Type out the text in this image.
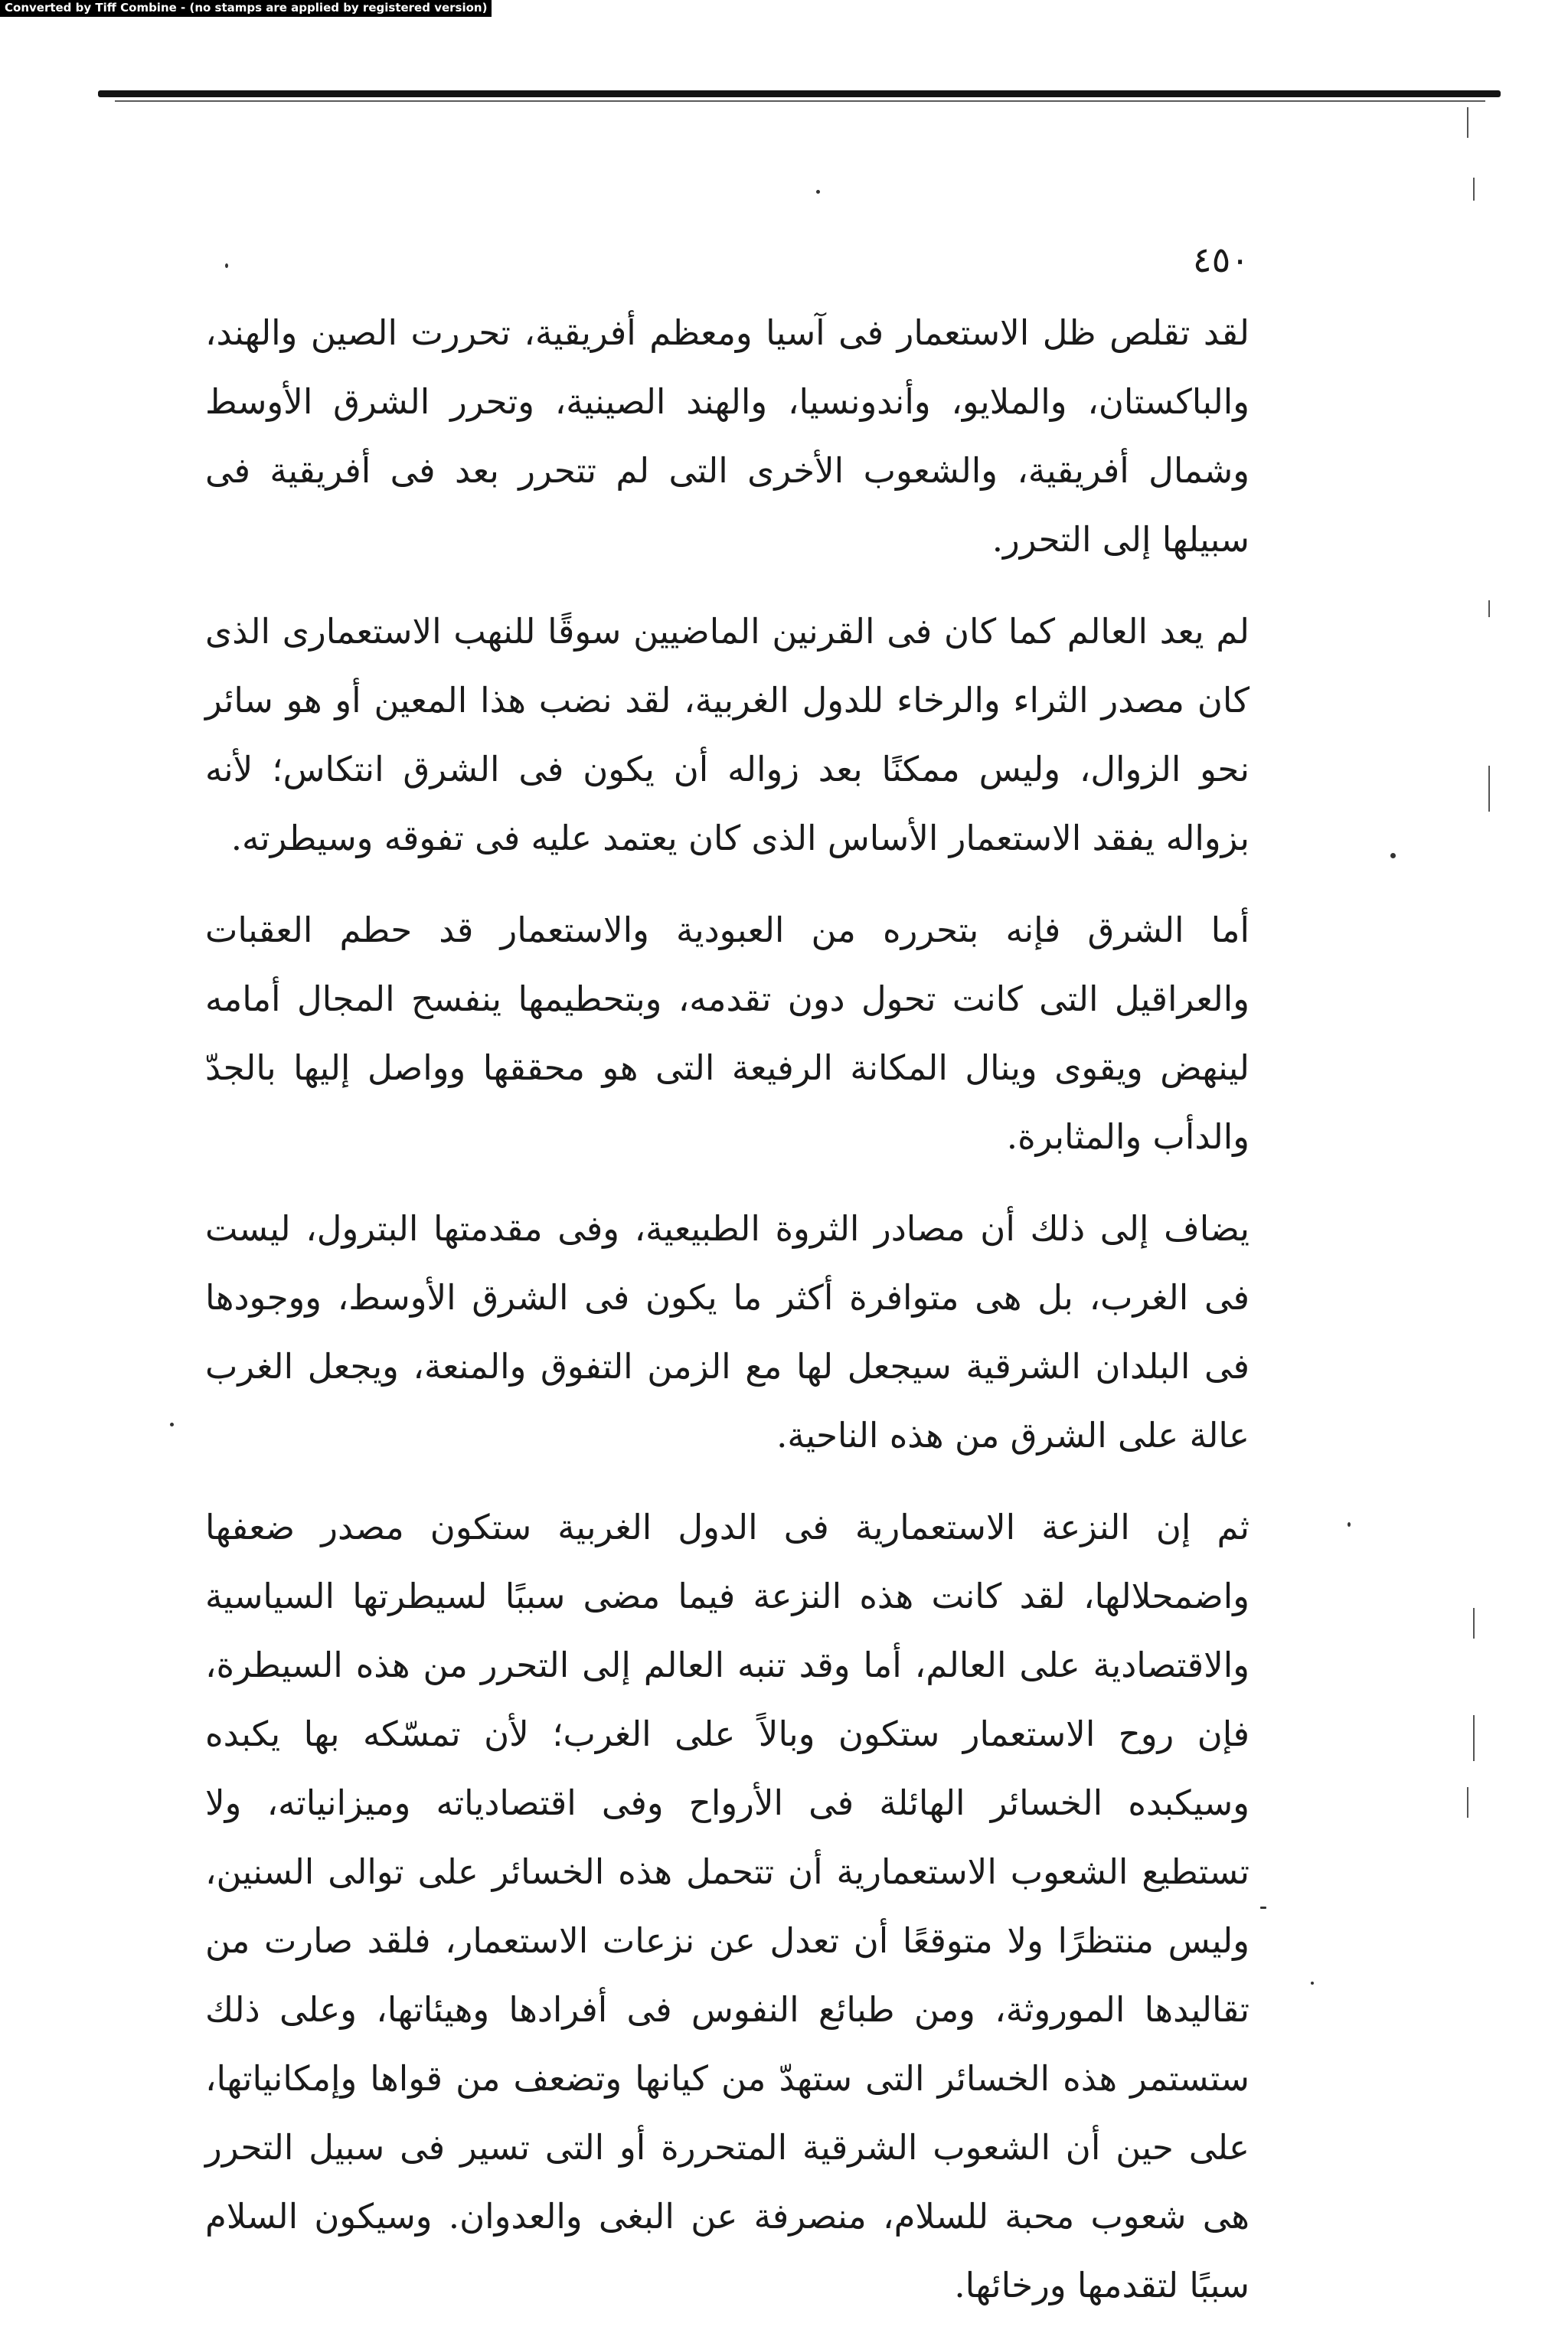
Converted by Tiff Combine - (no stamps are applied by registered version)
٤٥٠

لقد تقلص ظل الاستعمار فى آسيا ومعظم أفريقية، تحررت الصين والهند، والباكستان، والملايو، وأندونسيا، والهند الصينية، وتحرر الشرق الأوسط وشمال أفريقية، والشعوب الأخرى التى لم تتحرر بعد فى أفريقية فى سبيلها إلى التحرر.

لم يعد العالم كما كان فى القرنين الماضيين سوقًا للنهب الاستعمارى الذى كان مصدر الثراء والرخاء للدول الغربية، لقد نضب هذا المعين أو هو سائر نحو الزوال، وليس ممكنًا بعد زواله أن يكون فى الشرق انتكاس؛ لأنه بزواله يفقد الاستعمار الأساس الذى كان يعتمد عليه فى تفوقه وسيطرته.

أما الشرق فإنه بتحرره من العبودية والاستعمار قد حطم العقبات والعراقيل التى كانت تحول دون تقدمه، وبتحطيمها ينفسح المجال أمامه لينهض ويقوى وينال المكانة الرفيعة التى هو محققها وواصل إليها بالجدّ والدأب والمثابرة.

يضاف إلى ذلك أن مصادر الثروة الطبيعية، وفى مقدمتها البترول، ليست فى الغرب، بل هى متوافرة أكثر ما يكون فى الشرق الأوسط، ووجودها فى البلدان الشرقية سيجعل لها مع الزمن التفوق والمنعة، ويجعل الغرب عالة على الشرق من هذه الناحية.

ثم إن النزعة الاستعمارية فى الدول الغربية ستكون مصدر ضعفها واضمحلالها، لقد كانت هذه النزعة فيما مضى سببًا لسيطرتها السياسية والاقتصادية على العالم، أما وقد تنبه العالم إلى التحرر من هذه السيطرة، فإن روح الاستعمار ستكون وبالاً على الغرب؛ لأن تمسّكه بها يكبده وسيكبده الخسائر الهائلة فى الأرواح وفى اقتصادياته وميزانياته، ولا تستطيع الشعوب الاستعمارية أن تتحمل هذه الخسائر على توالى السنين، وليس منتظرًا ولا متوقعًا أن تعدل عن نزعات الاستعمار، فلقد صارت من تقاليدها الموروثة، ومن طبائع النفوس فى أفرادها وهيئاتها، وعلى ذلك ستستمر هذه الخسائر التى ستهدّ من كيانها وتضعف من قواها وإمكانياتها، على حين أن الشعوب الشرقية المتحررة أو التى تسير فى سبيل التحرر هى شعوب محبة للسلام، منصرفة عن البغى والعدوان. وسيكون السلام سببًا لتقدمها ورخائها.
